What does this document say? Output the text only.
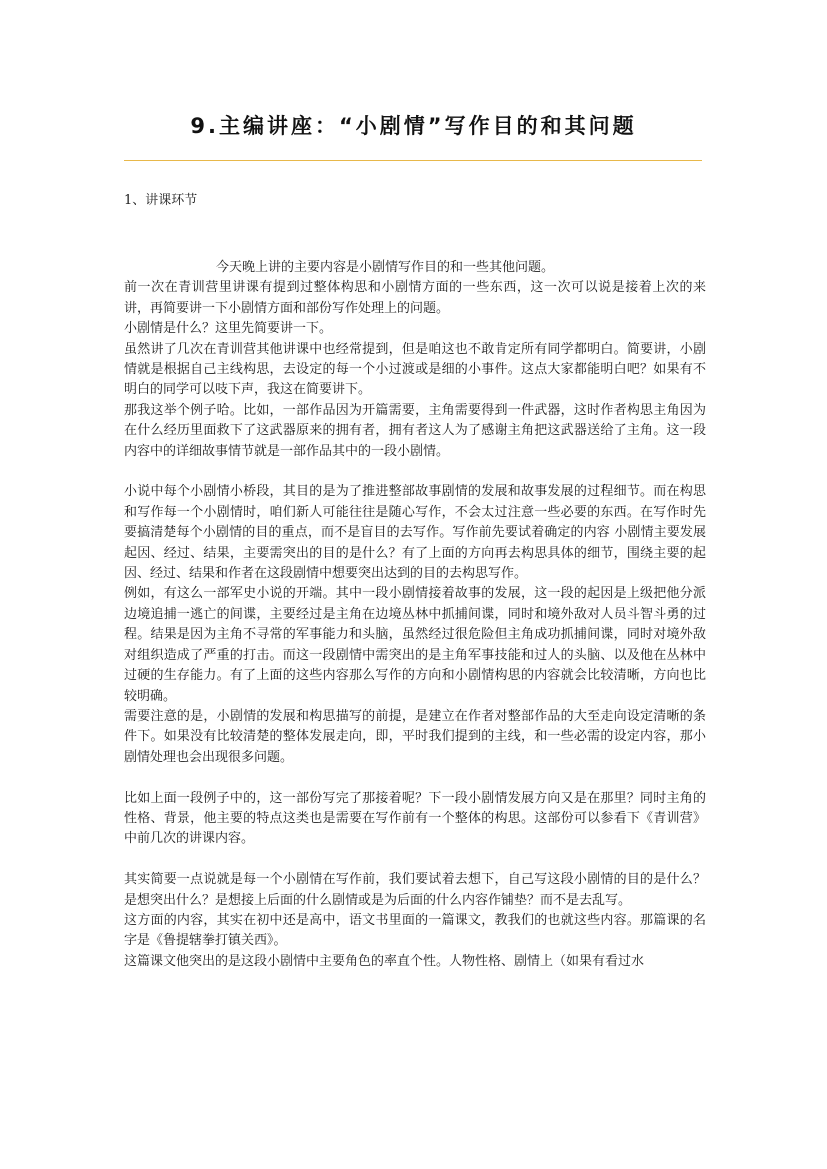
9.主编讲座：“小剧情”写作目的和其问题
1、讲课环节

今天晚上讲的主要内容是小剧情写作目的和一些其他问题。

前一次在青训营里讲课有提到过整体构思和小剧情方面的一些东西，这一次可以说是接着上次的来讲，再简要讲一下小剧情方面和部份写作处理上的问题。

小剧情是什么？这里先简要讲一下。

虽然讲了几次在青训营其他讲课中也经常提到，但是咱这也不敢肯定所有同学都明白。简要讲，小剧情就是根据自己主线构思，去设定的每一个小过渡或是细的小事件。这点大家都能明白吧？如果有不明白的同学可以吱下声，我这在简要讲下。

那我这举个例子哈。比如，一部作品因为开篇需要，主角需要得到一件武器，这时作者构思主角因为在什么经历里面救下了这武器原来的拥有者，拥有者这人为了感谢主角把这武器送给了主角。这一段内容中的详细故事情节就是一部作品其中的一段小剧情。

小说中每个小剧情小桥段，其目的是为了推进整部故事剧情的发展和故事发展的过程细节。而在构思和写作每一个小剧情时，咱们新人可能往往是随心写作，不会太过注意一些必要的东西。在写作时先要搞清楚每个小剧情的目的重点，而不是盲目的去写作。写作前先要试着确定的内容 小剧情主要发展起因、经过、结果，主要需突出的目的是什么？有了上面的方向再去构思具体的细节，围绕主要的起因、经过、结果和作者在这段剧情中想要突出达到的目的去构思写作。

例如，有这么一部军史小说的开端。其中一段小剧情接着故事的发展，这一段的起因是上级把他分派边境追捕一逃亡的间谍，主要经过是主角在边境丛林中抓捕间谍，同时和境外敌对人员斗智斗勇的过程。结果是因为主角不寻常的军事能力和头脑，虽然经过很危险但主角成功抓捕间谍，同时对境外敌对组织造成了严重的打击。而这一段剧情中需突出的是主角军事技能和过人的头脑、以及他在丛林中过硬的生存能力。有了上面的这些内容那么写作的方向和小剧情构思的内容就会比较清晰，方向也比较明确。

需要注意的是，小剧情的发展和构思描写的前提，是建立在作者对整部作品的大至走向设定清晰的条件下。如果没有比较清楚的整体发展走向，即，平时我们提到的主线，和一些必需的设定内容，那小剧情处理也会出现很多问题。

比如上面一段例子中的，这一部份写完了那接着呢？下一段小剧情发展方向又是在那里？同时主角的性格、背景，他主要的特点这类也是需要在写作前有一个整体的构思。这部份可以参看下《青训营》中前几次的讲课内容。

其实简要一点说就是每一个小剧情在写作前，我们要试着去想下，自己写这段小剧情的目的是什么？是想突出什么？是想接上后面的什么剧情或是为后面的什么内容作铺垫？而不是去乱写。

这方面的内容，其实在初中还是高中，语文书里面的一篇课文，教我们的也就这些内容。那篇课的名字是《鲁提辖拳打镇关西》。

这篇课文他突出的是这段小剧情中主要角色的率直个性。人物性格、剧情上（如果有看过水
